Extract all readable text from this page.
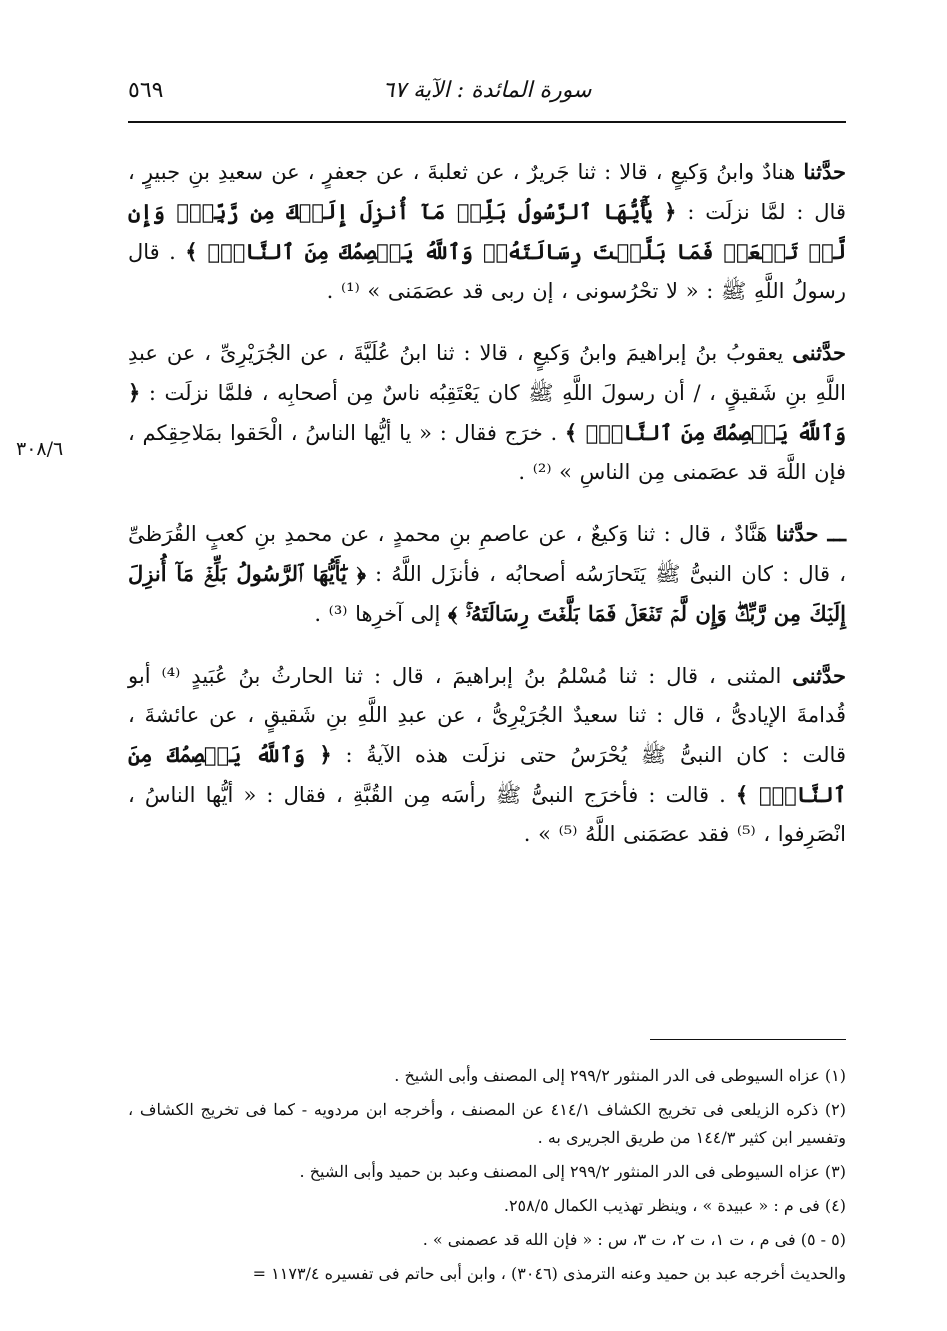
٥٦٩	سورة المائدة : الآية ٦٧
٣٠٨/٦

حدَّثنا هنادٌ وابنُ وَكيعٍ ، قالا : ثنا جَريرٌ ، عن ثعلبةَ ، عن جعفرٍ ، عن سعيدِ بنِ جبيرٍ ، قال : لمَّا نزلَت : ﴿ يَٰٓأَيُّهَا ٱلرَّسُولُ بَلِّغۡ مَآ أُنزِلَ إِلَيۡكَ مِن رَّبِّكَۖ وَإِن لَّمۡ تَفۡعَلۡ فَمَا بَلَّغۡتَ رِسَالَتَهُۥۚ وَٱللَّهُ يَعۡصِمُكَ مِنَ ٱلنَّاسِۗ ﴾ . قال رسولُ اللَّهِ ﷺ : « لا تحْرُسونى ، إن ربى قد عصَمَنى » ⁽¹⁾ .

حدَّثنى يعقوبُ بنُ إبراهيمَ وابنُ وَكيعٍ ، قالا : ثنا ابنُ عُلَيَّةَ ، عن الجُرَيْرِىِّ ، عن عبدِ اللَّهِ بنِ شَقيقٍ ، / أن رسولَ اللَّهِ ﷺ كان يَعْتَقِبُه ناسٌ مِن أصحابِه ، فلمَّا نزلَت : ﴿ وَٱللَّهُ يَعۡصِمُكَ مِنَ ٱلنَّاسِۗ ﴾ . خرَج فقال : « يا أيُّها الناسُ ، الْحَقوا بمَلاحِقِكم ، فإن اللَّهَ قد عصَمنى مِن الناسِ » ⁽²⁾ .

ـــ حدَّثنا هَنَّادٌ ، قال : ثنا وَكيعٌ ، عن عاصمِ بنِ محمدٍ ، عن محمدِ بنِ كعبٍ القُرَظىِّ ، قال : كان النبىُّ ﷺ يَتَحارَسُه أصحابُه ، فأنزَل اللَّهُ : ﴿ يَٰٓأَيُّهَا ٱلرَّسُولُ بَلِّغۡ مَآ أُنزِلَ إِلَيۡكَ مِن رَّبِّكَۖ وَإِن لَّمۡ تَفۡعَلۡ فَمَا بَلَّغۡتَ رِسَالَتَهُۥۚ ﴾ إلى آخرِها ⁽³⁾ .

حدَّثنى المثنى ، قال : ثنا مُسْلمُ بنُ إبراهيمَ ، قال : ثنا الحارثُ بنُ عُبَيدٍ ⁽⁴⁾ أبو قُدامةَ الإيادىُّ ، قال : ثنا سعيدٌ الجُرَيْرِىُّ ، عن عبدِ اللَّهِ بنِ شَقيقٍ ، عن عائشةَ ، قالت : كان النبىُّ ﷺ يُحْرَسُ حتى نزلَت هذه الآيةُ : ﴿ وَٱللَّهُ يَعۡصِمُكَ مِنَ ٱلنَّاسِۗ ﴾ . قالت : فأخرَج النبىُّ ﷺ رأسَه مِن القُبَّةِ ، فقال : « أيُّها الناسُ ، انْصَرِفوا ، ⁽⁵⁾ فقد عصَمَنى اللَّهُ ⁽⁵⁾ » .

(١) عزاه السيوطى فى الدر المنثور ٢٩٩/٢ إلى المصنف وأبى الشيخ .

(٢) ذكره الزيلعى فى تخريج الكشاف ٤١٤/١ عن المصنف ، وأخرجه ابن مردويه - كما فى تخريج الكشاف ، وتفسير ابن كثير ١٤٤/٣ من طريق الجريرى به .

(٣) عزاه السيوطى فى الدر المنثور ٢٩٩/٢ إلى المصنف وعبد بن حميد وأبى الشيخ .

(٤) فى م : « عبيدة » ، وينظر تهذيب الكمال ٢٥٨/٥.

(٥ - ٥) فى م ، ت ١، ت ٢، ت ٣، س : « فإن الله قد عصمنى » .

والحديث أخرجه عبد بن حميد وعنه الترمذى (٣٠٤٦) ، وابن أبى حاتم فى تفسيره ١١٧٣/٤ =
